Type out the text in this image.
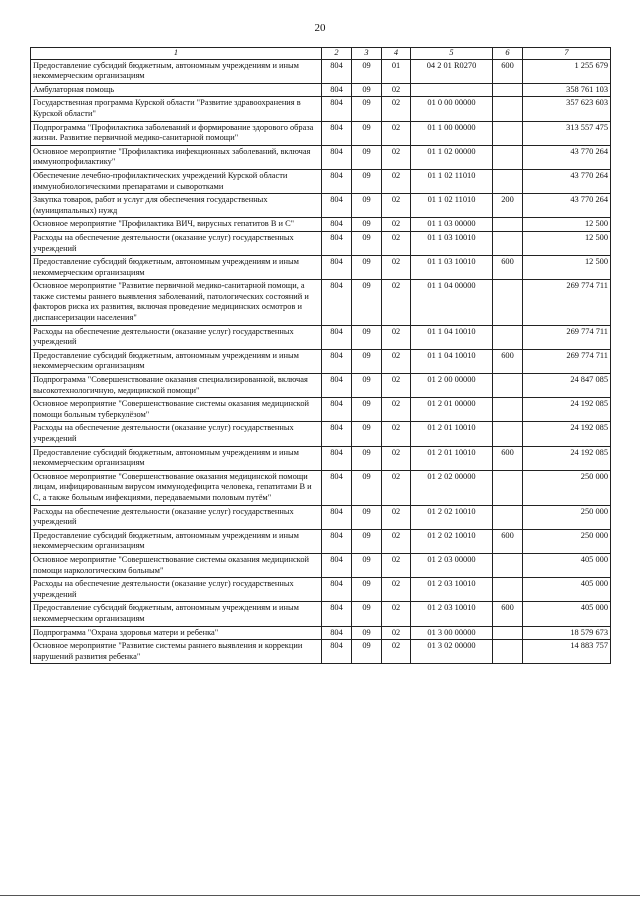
20
1	2	3	4	5	6	7
Предоставление субсидий бюджетным, автономным учреждениям и иным некоммерческим организациям	804	09	01	04 2 01 R0270	600	1 255 679
Амбулаторная помощь	804	09	02			358 761 103
Государственная программа Курской области "Развитие здравоохранения в Курской области"	804	09	02	01 0 00 00000		357 623 603
Подпрограмма "Профилактика заболеваний и формирование здорового образа жизни. Развитие первичной медико-санитарной помощи"	804	09	02	01 1 00 00000		313 557 475
Основное мероприятие "Профилактика инфекционных заболеваний, включая иммунопрофилактику"	804	09	02	01 1 02 00000		43 770 264
Обеспечение лечебно-профилактических учреждений Курской области иммунобиологическими препаратами и сыворотками	804	09	02	01 1 02 11010		43 770 264
Закупка товаров, работ и услуг для обеспечения государственных (муниципальных) нужд	804	09	02	01 1 02 11010	200	43 770 264
Основное мероприятие "Профилактика ВИЧ, вирусных гепатитов В и С"	804	09	02	01 1 03 00000		12 500
Расходы на обеспечение деятельности (оказание услуг) государственных учреждений	804	09	02	01 1 03 10010		12 500
Предоставление субсидий бюджетным, автономным учреждениям и иным некоммерческим организациям	804	09	02	01 1 03 10010	600	12 500
Основное мероприятие "Развитие первичной медико-санитарной помощи, а также системы раннего выявления заболеваний, патологических состояний и факторов риска их развития, включая проведение медицинских осмотров и диспансеризации населения"	804	09	02	01 1 04 00000		269 774 711
Расходы на обеспечение деятельности (оказание услуг) государственных учреждений	804	09	02	01 1 04 10010		269 774 711
Предоставление субсидий бюджетным, автономным учреждениям и иным некоммерческим организациям	804	09	02	01 1 04 10010	600	269 774 711
Подпрограмма "Совершенствование оказания специализированной, включая высокотехнологичную, медицинской помощи"	804	09	02	01 2 00 00000		24 847 085
Основное мероприятие "Совершенствование системы оказания медицинской помощи больным туберкулёзом"	804	09	02	01 2 01 00000		24 192 085
Расходы на обеспечение деятельности (оказание услуг) государственных учреждений	804	09	02	01 2 01 10010		24 192 085
Предоставление субсидий бюджетным, автономным учреждениям и иным некоммерческим организациям	804	09	02	01 2 01 10010	600	24 192 085
Основное мероприятие "Совершенствование оказания медицинской помощи лицам, инфицированным вирусом иммунодефицита человека, гепатитами В и С, а также больным инфекциями, передаваемыми половым путём"	804	09	02	01 2 02 00000		250 000
Расходы на обеспечение деятельности (оказание услуг) государственных учреждений	804	09	02	01 2 02 10010		250 000
Предоставление субсидий бюджетным, автономным учреждениям и иным некоммерческим организациям	804	09	02	01 2 02 10010	600	250 000
Основное мероприятие "Совершенствование системы оказания медицинской помощи наркологическим больным"	804	09	02	01 2 03 00000		405 000
Расходы на обеспечение деятельности (оказание услуг) государственных учреждений	804	09	02	01 2 03 10010		405 000
Предоставление субсидий бюджетным, автономным учреждениям и иным некоммерческим организациям	804	09	02	01 2 03 10010	600	405 000
Подпрограмма "Охрана здоровья матери и ребенка"	804	09	02	01 3 00 00000		18 579 673
Основное мероприятие "Развитие системы раннего выявления и коррекции нарушений развития ребенка"	804	09	02	01 3 02 00000		14 883 757
